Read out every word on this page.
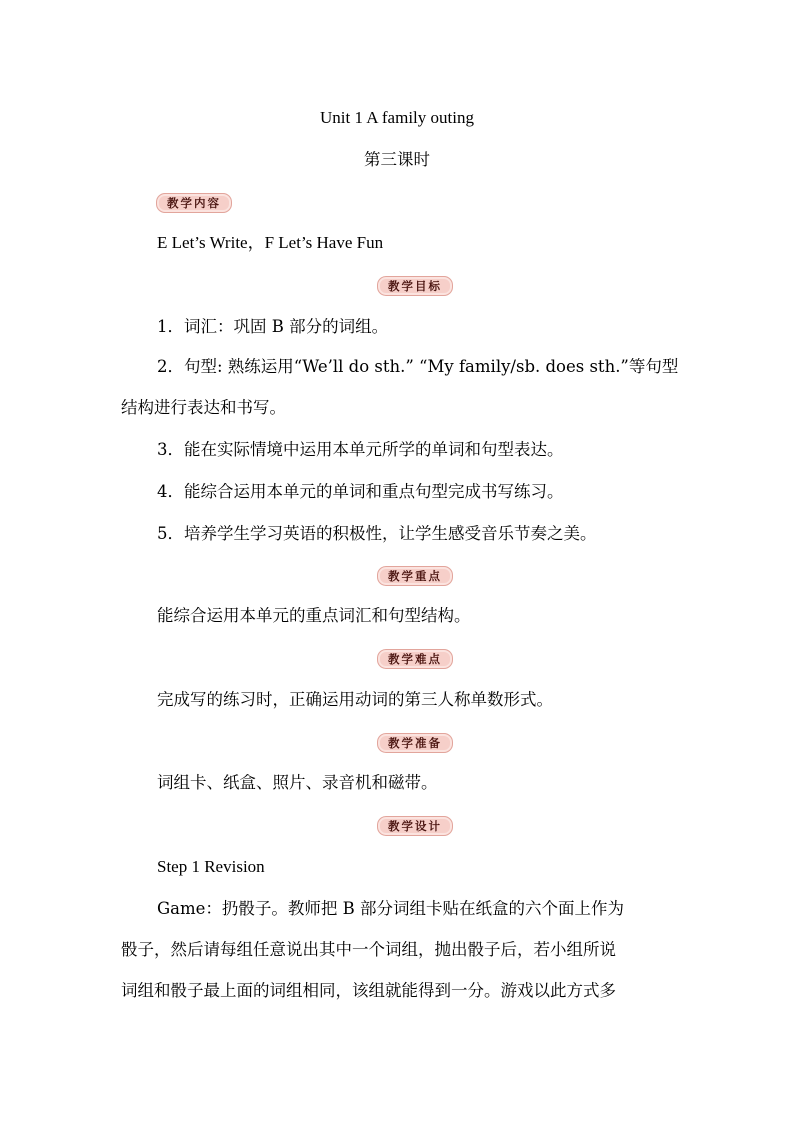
Unit 1 A family outing
第三课时
教学内容
E Let’s Write，F Let’s Have Fun
教学目标
1．词汇：巩固 B 部分的词组。
2．句型: 熟练运用“We’ll do sth.” “My family/sb. does sth.”等句型
结构进行表达和书写。
3．能在实际情境中运用本单元所学的单词和句型表达。
4．能综合运用本单元的单词和重点句型完成书写练习。
5．培养学生学习英语的积极性，让学生感受音乐节奏之美。
教学重点
能综合运用本单元的重点词汇和句型结构。
教学难点
完成写的练习时，正确运用动词的第三人称单数形式。
教学准备
词组卡、纸盒、照片、录音机和磁带。
教学设计
Step 1 Revision
Game：扔骰子。教师把 B 部分词组卡贴在纸盒的六个面上作为
骰子，然后请每组任意说出其中一个词组，抛出骰子后，若小组所说
词组和骰子最上面的词组相同，该组就能得到一分。游戏以此方式多
